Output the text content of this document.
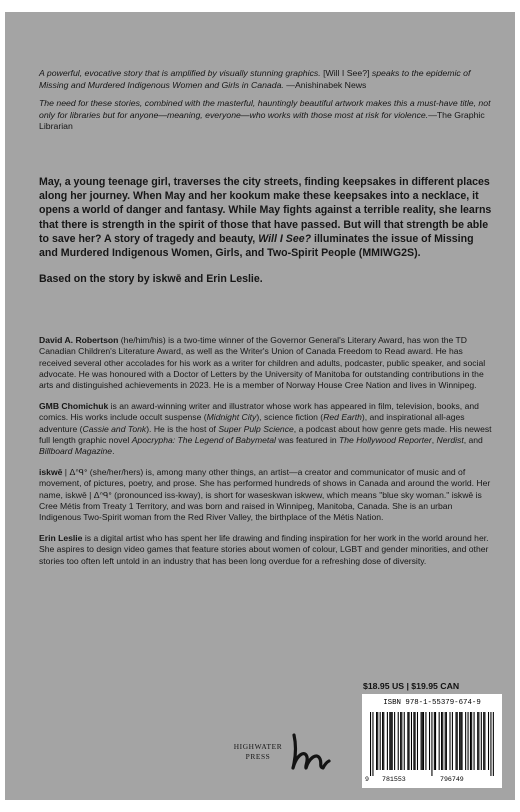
A powerful, evocative story that is amplified by visually stunning graphics. [Will I See?] speaks to the epidemic of Missing and Murdered Indigenous Women and Girls in Canada. —Anishinabek News

The need for these stories, combined with the masterful, hauntingly beautiful artwork makes this a must-have title, not only for libraries but for anyone—meaning, everyone—who works with those most at risk for violence.—The Graphic Librarian

May, a young teenage girl, traverses the city streets, finding keepsakes in different places along her journey. When May and her kookum make these keepsakes into a necklace, it opens a world of danger and fantasy. While May fights against a terrible reality, she learns that there is strength in the spirit of those that have passed. But will that strength be able to save her? A story of tragedy and beauty, Will I See? illuminates the issue of Missing and Murdered Indigenous Women, Girls, and Two-Spirit People (MMIWG2S).

Based on the story by iskwē and Erin Leslie.

David A. Robertson (he/him/his) is a two-time winner of the Governor General's Literary Award, has won the TD Canadian Children's Literature Award, as well as the Writer's Union of Canada Freedom to Read award. He has received several other accolades for his work as a writer for children and adults, podcaster, public speaker, and social advocate. He was honoured with a Doctor of Letters by the University of Manitoba for outstanding contributions in the arts and distinguished achievements in 2023. He is a member of Norway House Cree Nation and lives in Winnipeg.

GMB Chomichuk is an award-winning writer and illustrator whose work has appeared in film, television, books, and comics. His works include occult suspense (Midnight City), science fiction (Red Earth), and inspirational all-ages adventure (Cassie and Tonk). He is the host of Super Pulp Science, a podcast about how genre gets made. His newest full length graphic novel Apocrypha: The Legend of Babymetal was featured in The Hollywood Reporter, Nerdist, and Billboard Magazine.

iskwē | ᐃᐢᑫᐤ (she/her/hers) is, among many other things, an artist—a creator and communicator of music and of movement, of pictures, poetry, and prose. She has performed hundreds of shows in Canada and around the world. Her name, iskwē | ᐃᐢᑫᐤ (pronounced iss-kway), is short for waseskwan iskwew, which means "blue sky woman." iskwē is Cree Métis from Treaty 1 Territory, and was born and raised in Winnipeg, Manitoba, Canada. She is an urban Indigenous Two-Spirit woman from the Red River Valley, the birthplace of the Métis Nation.

Erin Leslie is a digital artist who has spent her life drawing and finding inspiration for her work in the world around her. She aspires to design video games that feature stories about women of colour, LGBT and gender minorities, and other stories too often left untold in an industry that has been long overdue for a refreshing dose of diversity.

HIGHWATER
PRESS
$18.95 US | $19.95 CAN
ISBN 978-1-55379-674-9
9 781553	796749
